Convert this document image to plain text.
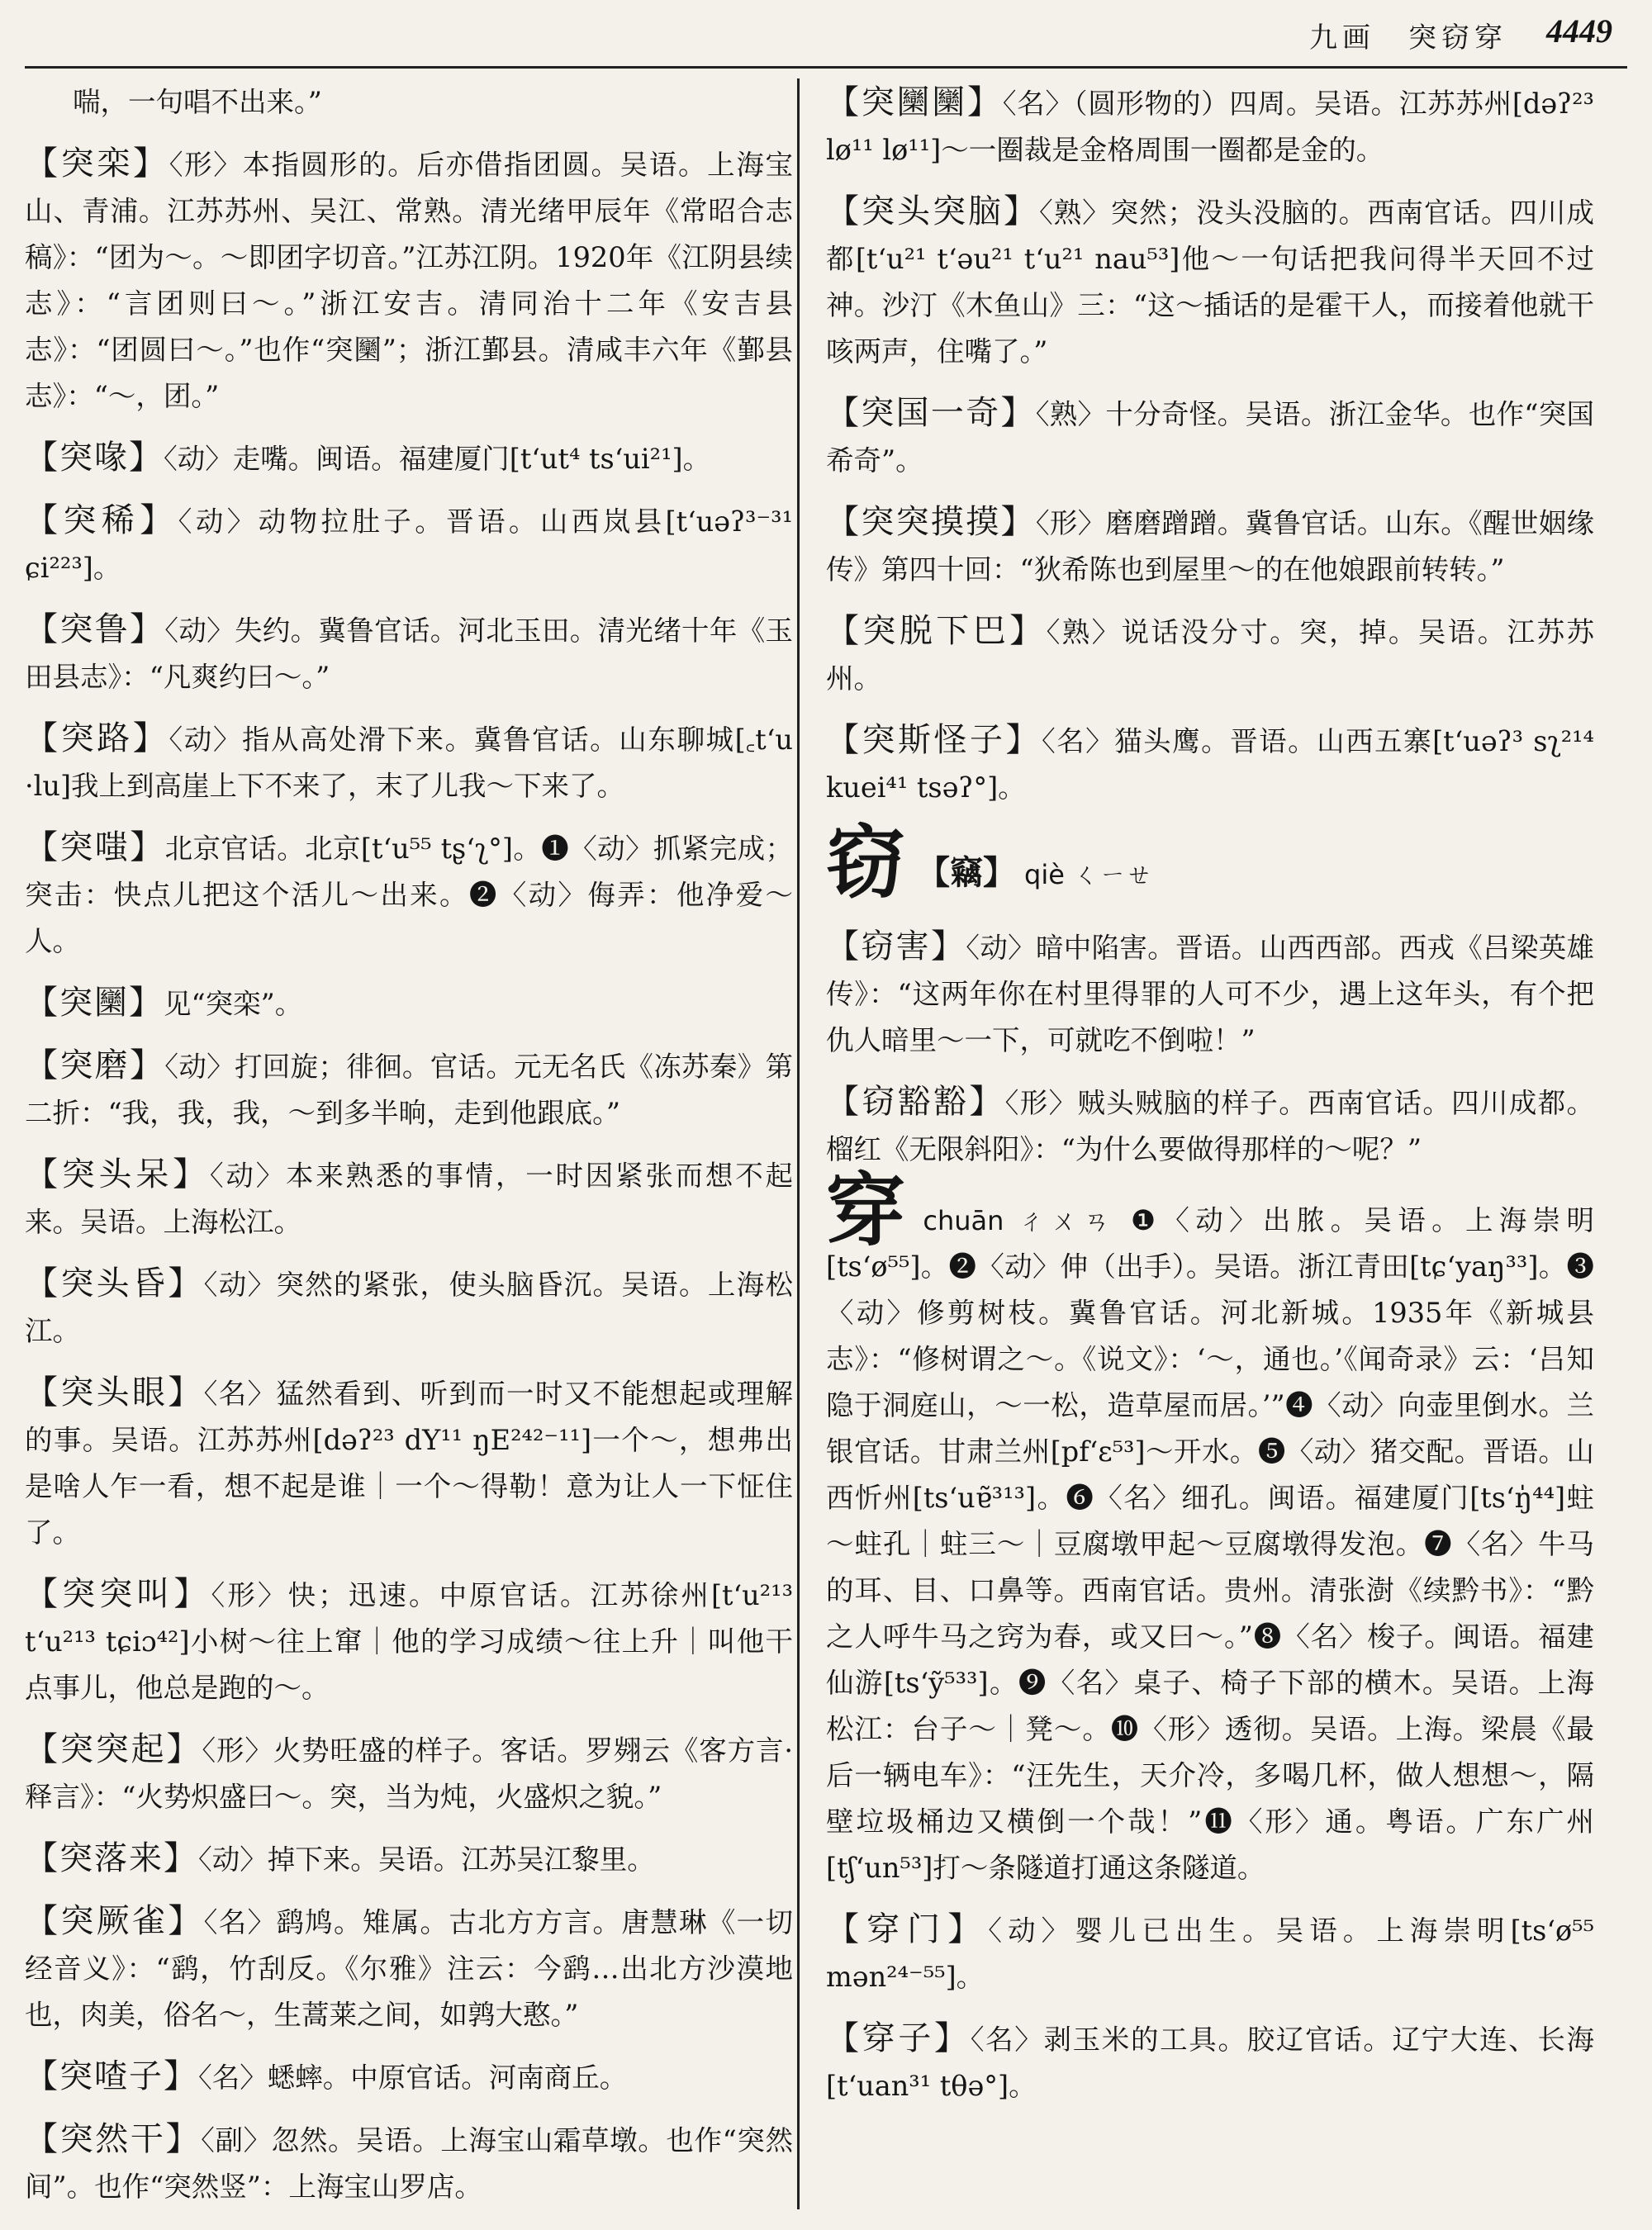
九画　突窃穿 4449

喘，一句唱不出来。”

【突栾】〈形〉本指圆形的。后亦借指团圆。吴语。上海宝山、青浦。江苏苏州、吴江、常熟。清光绪甲辰年《常昭合志稿》：“团为～。～即团字切音。”江苏江阴。1920年《江阴县续志》：“言团则曰～。”浙江安吉。清同治十二年《安吉县志》：“团圆曰～。”也作“突圞”；浙江鄞县。清咸丰六年《鄞县志》：“～，团。”

【突喙】〈动〉走嘴。闽语。福建厦门[tʻut⁴ tsʻui²¹]。

【突稀】〈动〉动物拉肚子。晋语。山西岚县[tʻuəʔ³⁻³¹ ɕi²²³]。

【突鲁】〈动〉失约。冀鲁官话。河北玉田。清光绪十年《玉田县志》：“凡爽约曰～。”

【突路】〈动〉指从高处滑下来。冀鲁官话。山东聊城[꜀tʻu ·lu]我上到高崖上下不来了，末了儿我～下来了。

【突嗤】北京官话。北京[tʻu⁵⁵ tʂʻʅ°]。❶〈动〉抓紧完成；突击：快点儿把这个活儿～出来。❷〈动〉侮弄：他净爱～人。

【突圞】见“突栾”。

【突磨】〈动〉打回旋；徘徊。官话。元无名氏《冻苏秦》第二折：“我，我，我，～到多半晌，走到他跟底。”

【突头呆】〈动〉本来熟悉的事情，一时因紧张而想不起来。吴语。上海松江。

【突头昏】〈动〉突然的紧张，使头脑昏沉。吴语。上海松江。

【突头眼】〈名〉猛然看到、听到而一时又不能想起或理解的事。吴语。江苏苏州[dəʔ²³ dY¹¹ ŋE²⁴²⁻¹¹]一个～，想弗出是啥人乍一看，想不起是谁｜一个～得勒！意为让人一下怔住了。

【突突叫】〈形〉快；迅速。中原官话。江苏徐州[tʻu²¹³ tʻu²¹³ tɕiɔ⁴²]小树～往上窜｜他的学习成绩～往上升｜叫他干点事儿，他总是跑的～。

【突突起】〈形〉火势旺盛的样子。客话。罗翙云《客方言·释言》：“火势炽盛曰～。突，当为炖，火盛炽之貌。”

【突落来】〈动〉掉下来。吴语。江苏吴江黎里。

【突厥雀】〈名〉鹞鸠。雉属。古北方方言。唐慧琳《一切经音义》：“鹞，竹刮反。《尔雅》注云：今鹞…出北方沙漠地也，肉美，俗名～，生蒿莱之间，如鹑大憨。”

【突喳子】〈名〉蟋蟀。中原官话。河南商丘。

【突然干】〈副〉忽然。吴语。上海宝山霜草墩。也作“突然间”。也作“突然竖”：上海宝山罗店。

【突圞圞】〈名〉（圆形物的）四周。吴语。江苏苏州[dəʔ²³ lø¹¹ lø¹¹]～一圈裁是金格周围一圈都是金的。

【突头突脑】〈熟〉突然；没头没脑的。西南官话。四川成都[tʻu²¹ tʻəu²¹ tʻu²¹ nau⁵³]他～一句话把我问得半天回不过神。沙汀《木鱼山》三：“这～插话的是霍干人，而接着他就干咳两声，住嘴了。”

【突国一奇】〈熟〉十分奇怪。吴语。浙江金华。也作“突国希奇”。

【突突摸摸】〈形〉磨磨蹭蹭。冀鲁官话。山东。《醒世姻缘传》第四十回：“狄希陈也到屋里～的在他娘跟前转转。”

【突脱下巴】〈熟〉说话没分寸。突，掉。吴语。江苏苏州。

【突斯怪子】〈名〉猫头鹰。晋语。山西五寨[tʻuəʔ³ sʅ²¹⁴ kuei⁴¹ tsəʔ°]。

窃 【竊】 qiè ㄑㄧㄝ

【窃害】〈动〉暗中陷害。晋语。山西西部。西戎《吕梁英雄传》：“这两年你在村里得罪的人可不少，遇上这年头，有个把仇人暗里～一下，可就吃不倒啦！”

【窃豁豁】〈形〉贼头贼脑的样子。西南官话。四川成都。榴红《无限斜阳》：“为什么要做得那样的～呢？”

穿chuān ㄔㄨㄢ ❶〈动〉出脓。吴语。上海崇明[tsʻø⁵⁵]。❷〈动〉伸（出手）。吴语。浙江青田[tɕʻyaŋ³³]。❸〈动〉修剪树枝。冀鲁官话。河北新城。1935年《新城县志》：“修树谓之～。《说文》：‘～，通也。’《闻奇录》云：‘吕知隐于洞庭山，～一松，造草屋而居。’”❹〈动〉向壶里倒水。兰银官话。甘肃兰州[pfʻɛ⁵³]～开水。❺〈动〉猪交配。晋语。山西忻州[tsʻuɐ̃³¹³]。❻〈名〉细孔。闽语。福建厦门[tsʻŋ̍⁴⁴]蛀～蛀孔｜蛀三～｜豆腐墩甲起～豆腐墩得发泡。❼〈名〉牛马的耳、目、口鼻等。西南官话。贵州。清张澍《续黔书》：“黔之人呼牛马之窍为春，或又曰～。”❽〈名〉梭子。闽语。福建仙游[tsʻỹ⁵³³]。❾〈名〉桌子、椅子下部的横木。吴语。上海松江：台子～｜凳～。❿〈形〉透彻。吴语。上海。梁晨《最后一辆电车》：“汪先生，天介冷，多喝几杯，做人想想～，隔壁垃圾桶边又横倒一个哉！”⓫〈形〉通。粤语。广东广州[tʃʻun⁵³]打～条隧道打通这条隧道。

【穿门】〈动〉婴儿已出生。吴语。上海崇明[tsʻø⁵⁵ mən²⁴⁻⁵⁵]。

【穿子】〈名〉剥玉米的工具。胶辽官话。辽宁大连、长海[tʻuan³¹ tθə°]。
